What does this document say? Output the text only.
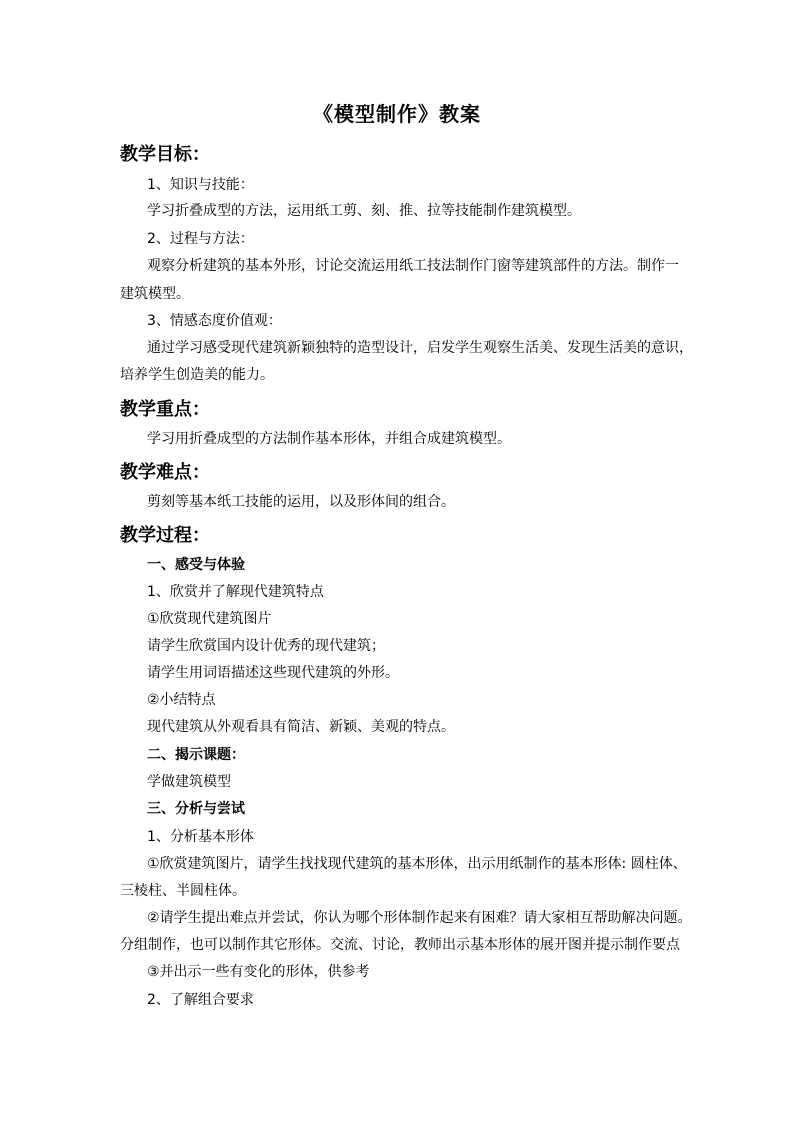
《模型制作》教案
教学目标：
1、知识与技能：
学习折叠成型的方法，运用纸工剪、刻、推、拉等技能制作建筑模型。
2、过程与方法：
观察分析建筑的基本外形，讨论交流运用纸工技法制作门窗等建筑部件的方法。制作一
建筑模型。
3、情感态度价值观：
通过学习感受现代建筑新颖独特的造型设计，启发学生观察生活美、发现生活美的意识，
培养学生创造美的能力。
教学重点：
学习用折叠成型的方法制作基本形体，并组合成建筑模型。
教学难点：
剪刻等基本纸工技能的运用，以及形体间的组合。
教学过程：
一、感受与体验
1、欣赏并了解现代建筑特点
①欣赏现代建筑图片
请学生欣赏国内设计优秀的现代建筑；
请学生用词语描述这些现代建筑的外形。
②小结特点
现代建筑从外观看具有简洁、新颖、美观的特点。
二、揭示课题：
学做建筑模型
三、分析与尝试
1、分析基本形体
①欣赏建筑图片，请学生找找现代建筑的基本形体，出示用纸制作的基本形体: 圆柱体、
三棱柱、半圆柱体。
②请学生提出难点并尝试，你认为哪个形体制作起来有困难？请大家相互帮助解决问题。
分组制作，也可以制作其它形体。交流、讨论，教师出示基本形体的展开图并提示制作要点
③并出示一些有变化的形体，供参考
2、了解组合要求
